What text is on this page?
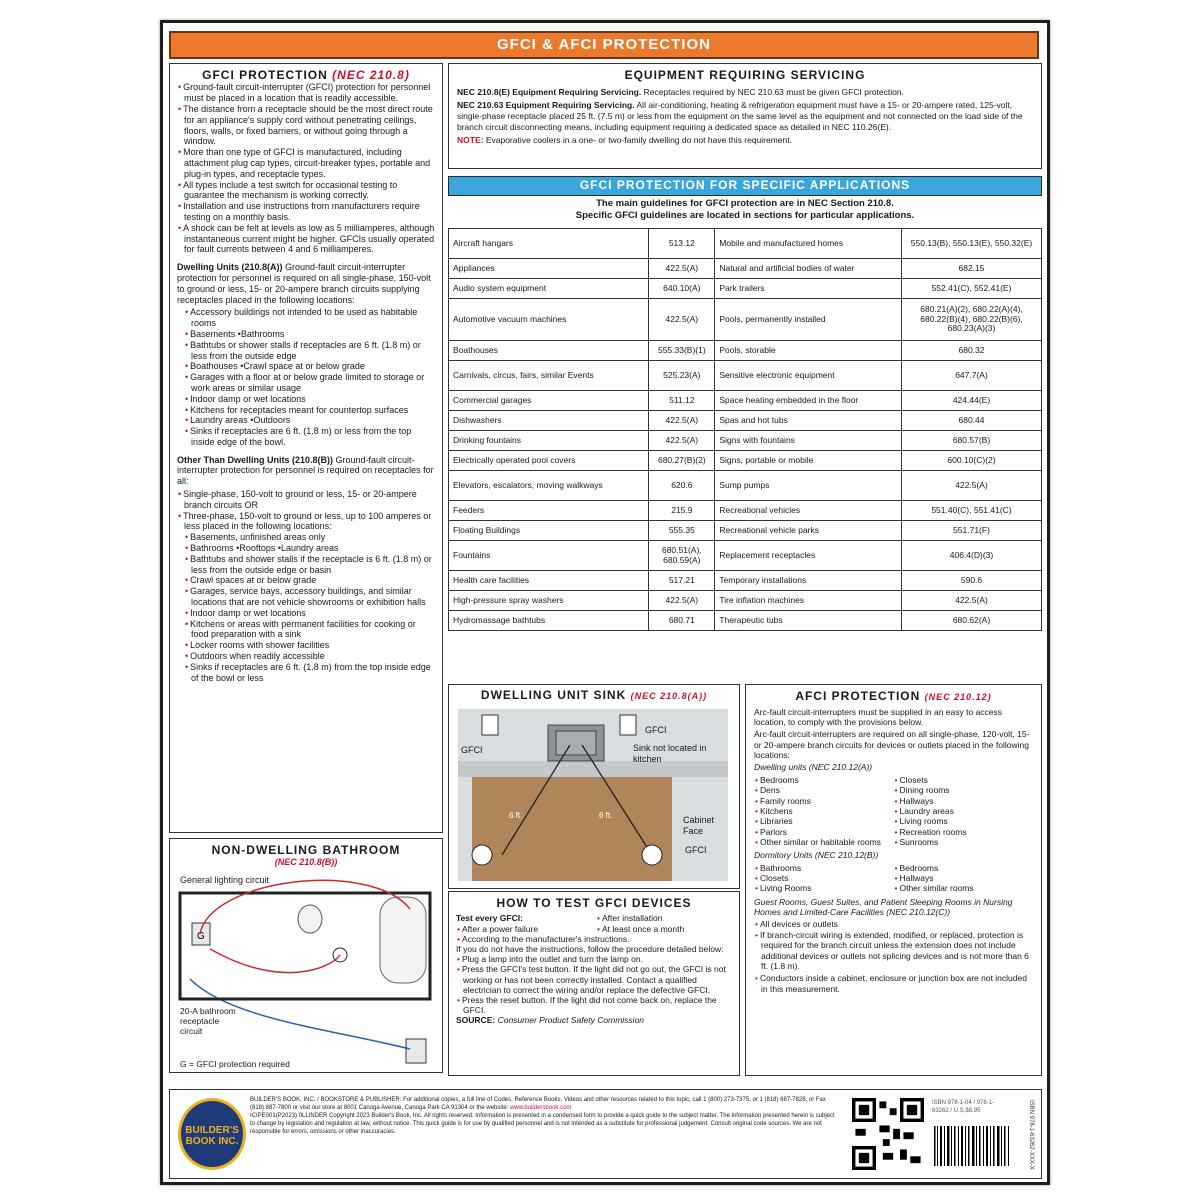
GFCI & AFCI PROTECTION
GFCI PROTECTION (NEC 210.8)
• Ground-fault circuit-interrupter (GFCI) protection for personnel must be placed in a location that is readily accessible.
• The distance from a receptacle should be the most direct route for an appliance's supply cord without penetrating ceilings, floors, walls, or fixed barriers, or without going through a window.
• More than one type of GFCI is manufactured, including attachment plug cap types, circuit-breaker types, portable and plug-in types, and receptacle types.
• All types include a test switch for occasional testing to guarantee the mechanism is working correctly.
• Installation and use instructions from manufacturers require testing on a monthly basis.
• A shock can be felt at levels as low as 5 milliamperes, although instantaneous current might be higher. GFCIs usually operated for fault currents between 4 and 6 milliamperes.

Dwelling Units (210.8(A)) Ground-fault circuit-interrupter protection for personnel is required on all single-phase, 150-volt to ground or less, 15- or 20-ampere branch circuits supplying receptacles placed in the following locations:

• Accessory buildings not intended to be used as habitable rooms
• Basements •Bathrooms
• Bathtubs or shower stalls if receptacles are 6 ft. (1.8 m) or less from the outside edge
• Boathouses •Crawl space at or below grade
• Garages with a floor at or below grade limited to storage or work areas or similar usage
• Indoor damp or wet locations
• Kitchens for receptacles meant for countertop surfaces
• Laundry areas •Outdoors
• Sinks if receptacles are 6 ft. (1.8 m) or less from the top inside edge of the bowl.

Other Than Dwelling Units (210.8(B)) Ground-fault circuit-interrupter protection for personnel is required on receptacles for all:

• Single-phase, 150-volt to ground or less, 15- or 20-ampere branch circuits OR
• Three-phase, 150-volt to ground or less, up to 100 amperes or less placed in the following locations:
• Basements, unfinished areas only
• Bathrooms •Rooftops •Laundry areas
• Bathtubs and shower stalls if the receptacle is 6 ft. (1.8 m) or less from the outside edge or basin
• Crawl spaces at or below grade
• Garages, service bays, accessory buildings, and similar locations that are not vehicle showrooms or exhibition halls
• Indoor damp or wet locations
• Kitchens or areas with permanent facilities for cooking or food preparation with a sink
• Locker rooms with shower facilities
• Outdoors when readily accessible
• Sinks if receptacles are 6 ft. (1.8 m) from the top inside edge of the bowl or less
NON-DWELLING BATHROOM
(NEC 210.8(B))
General lighting circuit
G
20-A bathroom receptacle circuit
G = GFCI protection required
EQUIPMENT REQUIRING SERVICING

NEC 210.8(E) Equipment Requiring Servicing. Receptacles required by NEC 210.63 must be given GFCI protection.

NEC 210.63 Equipment Requiring Servicing. All air-conditioning, heating & refrigeration equipment must have a 15- or 20-ampere rated, 125-volt, single-phase receptacle placed 25 ft. (7.5 m) or less from the equipment on the same level as the equipment and not connected on the load side of the branch circuit disconnecting means, including equipment requiring a dedicated space as detailed in NEC 110.26(E).

NOTE: Evaporative coolers in a one- or two-family dwelling do not have this requirement.

GFCI PROTECTION FOR SPECIFIC APPLICATIONS
The main guidelines for GFCI protection are in NEC Section 210.8.
Specific GFCI guidelines are located in sections for particular applications.
Aircraft hangars	513.12	Mobile and manufactured homes	550.13(B), 550.13(E), 550.32(E)
Appliances	422.5(A)	Natural and artificial bodies of water	682.15
Audio system equipment	640.10(A)	Park trailers	552.41(C), 552.41(E)
Automotive vacuum machines	422.5(A)	Pools, permanently installed	680.21(A)(2), 680.22(A)(4), 680.22(B)(4), 680.22(B)(6), 680.23(A)(3)
Boathouses	555.33(B)(1)	Pools, storable	680.32
Carnivals, circus, fairs, similar Events	525.23(A)	Sensitive electronic equipment	647.7(A)
Commercial garages	511.12	Space heating embedded in the floor	424.44(E)
Dishwashers	422.5(A)	Spas and hot tubs	680.44
Drinking fountains	422.5(A)	Signs with fountains	680.57(B)
Electrically operated pool covers	680.27(B)(2)	Signs, portable or mobile	600.10(C)(2)
Elevators, escalators, moving walkways	620.6	Sump pumps	422.5(A)
Feeders	215.9	Recreational vehicles	551.40(C), 551.41(C)
Floating Buildings	555.35	Recreational vehicle parks	551.71(F)
Fountains	680.51(A), 680.59(A)	Replacement receptacles	406.4(D)(3)
Health care facilities	517.21	Temporary installations	590.6
High-pressure spray washers	422.5(A)	Tire inflation machines	422.5(A)
Hydromassage bathtubs	680.71	Therapeutic tubs	680.62(A)
DWELLING UNIT SINK (NEC 210.8(A))
GFCI
GFCI
Sink not located in kitchen
6 ft.	6 ft.	Cabinet Face
GFCI
HOW TO TEST GFCI DEVICES
Test every GFCI:
• After a power failure
• After installation
• At least once a month
• According to the manufacturer's instructions.
If you do not have the instructions, follow the procedure detailed below:
• Plug a lamp into the outlet and turn the lamp on.
• Press the GFCI's test button. If the light did not go out, the GFCI is not working or has not been correctly installed. Contact a qualified electrician to correct the wiring and/or replace the defective GFCI.
• Press the reset button. If the light did not come back on, replace the GFCI.
SOURCE: Consumer Product Safety Commission
AFCI PROTECTION (NEC 210.12)

Arc-fault circuit-interrupters must be supplied in an easy to access location, to comply with the provisions below.

Arc-fault circuit-interrupters are required on all single-phase, 120-volt, 15- or 20-ampere branch circuits for devices or outlets placed in the following locations:

Dwelling units (NEC 210.12(A))

• Bedrooms
• Dens
• Family rooms
• Kitchens
• Libraries
• Parlors
• Other similar or habitable rooms
• Closets
• Dining rooms
• Hallways
• Laundry areas
• Living rooms
• Recreation rooms
• Sunrooms

Dormitory Units (NEC 210.12(B))

• Bathrooms
• Closets
• Living Rooms
• Bedrooms
• Hallways
• Other similar rooms

Guest Rooms, Guest Suites, and Patient Sleeping Rooms in Nursing Homes and Limited-Care Facilities (NEC 210.12(C))

• All devices or outlets

• If branch-circuit wiring is extended, modified, or replaced, protection is required for the branch circuit unless the extension does not include additional devices or outlets not splicing devices and is not more than 6 ft. (1.8 m).

• Conductors inside a cabinet, enclosure or junction box are not included in this measurement.

BUILDER'S BOOK INC.
BUILDER'S BOOK, INC. / BOOKSTORE & PUBLISHER: For additional copies, a full line of Codes, Reference Books, Videos and other resources related to this topic, call 1 (800) 273-7375, or 1 (818) 887-7828, or Fax (818) 887-7800 or visit our store at 8001 Canoga Avenue, Canoga Park CA 91304 or the website: www.buildersbook.com
ICIPE001(P2023) 0LLINDER Copyright 2023 Builder's Book, Inc. All rights reserved. Information is presented in a condensed form to provide a quick guide to the subject matter. The information presented herein is subject to change by legislation and regulation at law, without notice. This quick guide is for use by qualified personnel and is not intended as a substitute for professional judgement. Consult original code sources. We are not responsible for errors, omissions or other inaccuracies.
ISBN 978-1-04 / 978-1-63262 / U.S.$8.95	ISBN 978-1-63262-XXX-X
